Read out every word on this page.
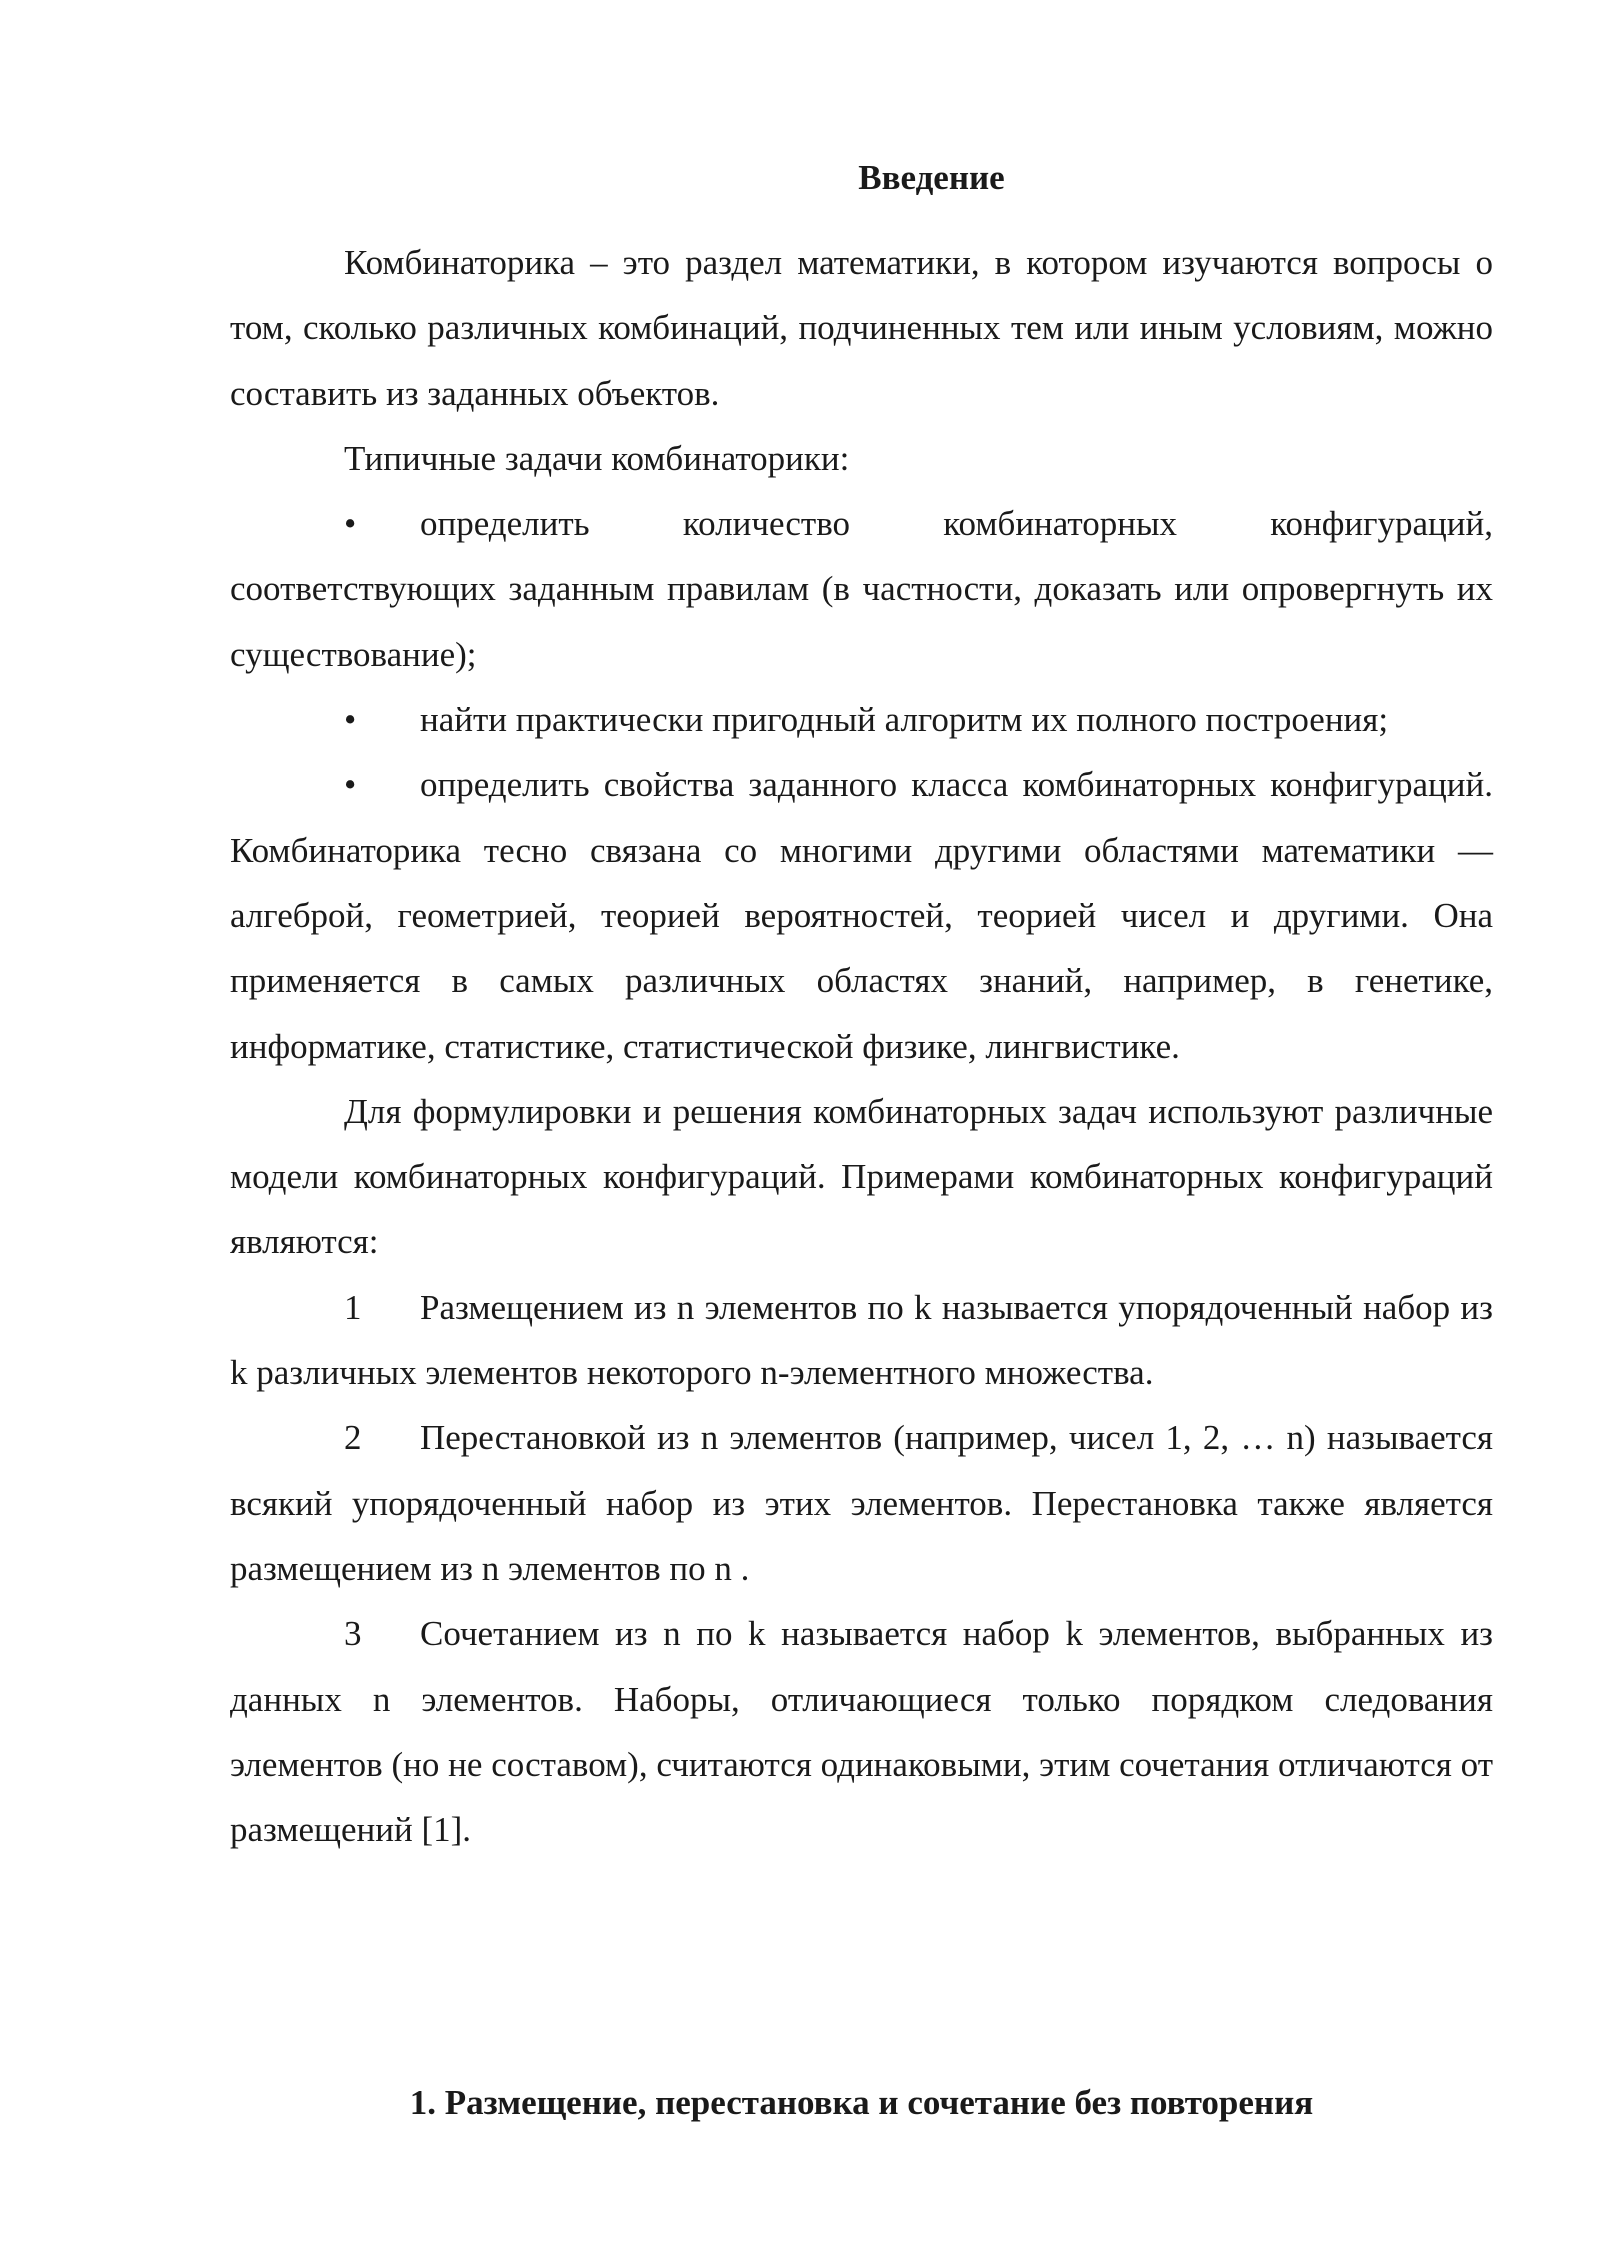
Введение

Комбинаторика – это раздел математики, в котором изучаются вопросы о том, сколько различных комбинаций, подчиненных тем или иным условиям, можно составить из заданных объектов.

Типичные задачи комбинаторики:

• определить количество комбинаторных конфигураций, соответствующих заданным правилам (в частности, доказать или опровергнуть их существование);

• найти практически пригодный алгоритм их полного построения;

• определить свойства заданного класса комбинаторных конфигураций. Комбинаторика тесно связана со многими другими областями математики — алгеброй, геометрией, теорией вероятностей, теорией чисел и другими. Она применяется в самых различных областях знаний, например, в генетике, информатике, статистике, статистической физике, лингвистике.

Для формулировки и решения комбинаторных задач используют различные модели комбинаторных конфигураций. Примерами комбинаторных конфигураций являются:

1 Размещением из n элементов по k называется упорядоченный набор из k различных элементов некоторого n-элементного множества.

2 Перестановкой из n элементов (например, чисел 1, 2, … n) называется всякий упорядоченный набор из этих элементов. Перестановка также является размещением из n элементов по n .

3 Сочетанием из n по k называется набор k элементов, выбранных из данных n элементов. Наборы, отличающиеся только порядком следования элементов (но не составом), считаются одинаковыми, этим сочетания отличаются от размещений [1].

1. Размещение, перестановка и сочетание без повторения
